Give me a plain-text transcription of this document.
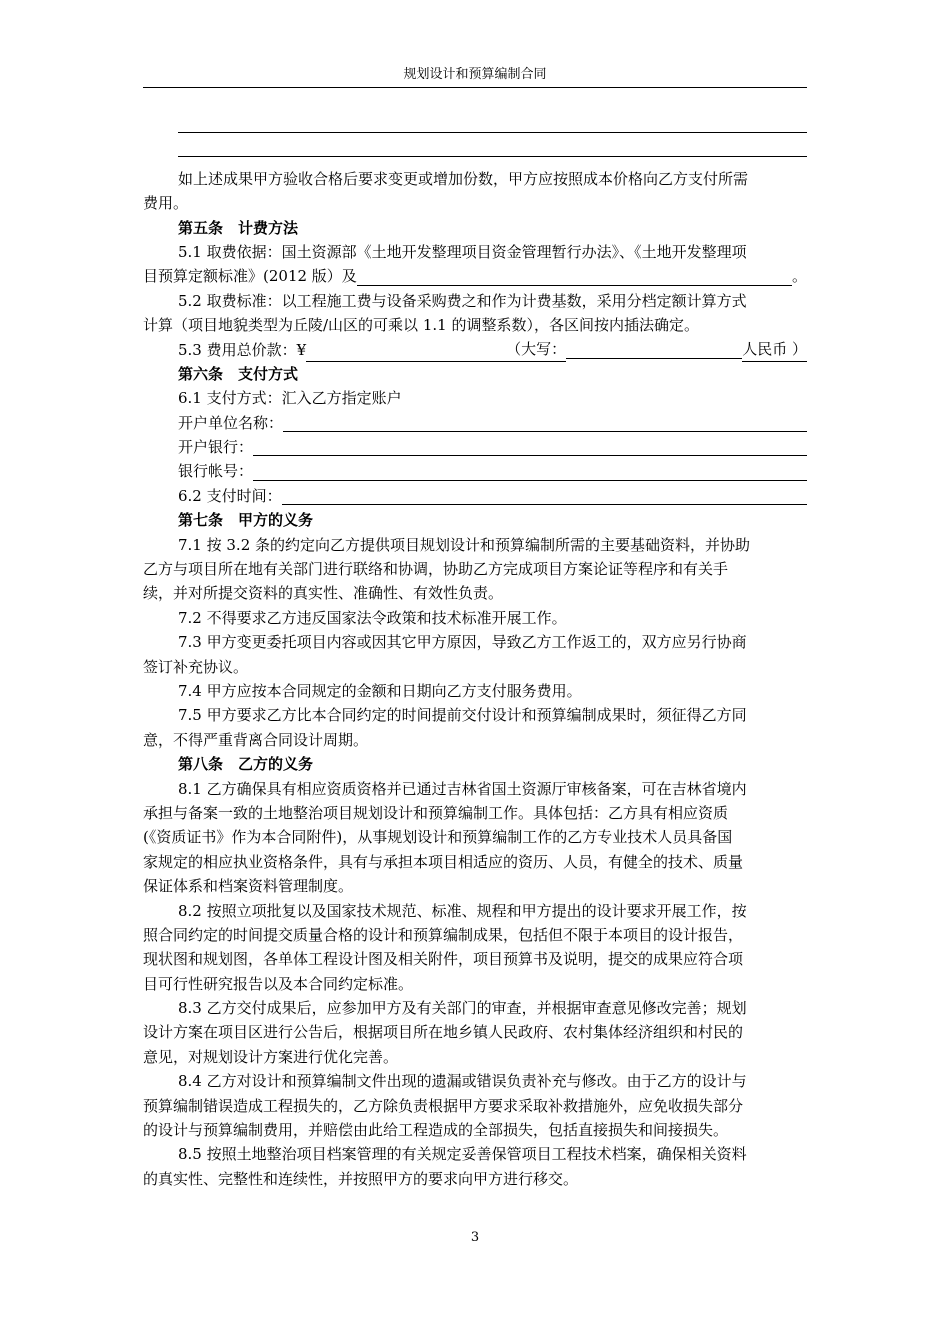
规划设计和预算编制合同
如上述成果甲方验收合格后要求变更或增加份数，甲方应按照成本价格向乙方支付所需
费用。
第五条　计费方法
5.1 取费依据：国土资源部《土地开发整理项目资金管理暂行办法》、《土地开发整理项
目预算定额标准》(2012 版）及	。
5.2 取费标准：以工程施工费与设备采购费之和作为计费基数，采用分档定额计算方式
计算（项目地貌类型为丘陵/山区的可乘以 1.1 的调整系数），各区间按内插法确定。
5.3 费用总价款：¥	（大写：	人民币 ）
第六条　支付方式
6.1 支付方式：汇入乙方指定账户
开户单位名称：
开户银行：
银行帐号：
6.2 支付时间：
第七条　甲方的义务
7.1 按 3.2 条的约定向乙方提供项目规划设计和预算编制所需的主要基础资料，并协助
乙方与项目所在地有关部门进行联络和协调，协助乙方完成项目方案论证等程序和有关手
续，并对所提交资料的真实性、准确性、有效性负责。
7.2 不得要求乙方违反国家法令政策和技术标准开展工作。
7.3 甲方变更委托项目内容或因其它甲方原因，导致乙方工作返工的，双方应另行协商
签订补充协议。
7.4 甲方应按本合同规定的金额和日期向乙方支付服务费用。
7.5 甲方要求乙方比本合同约定的时间提前交付设计和预算编制成果时，须征得乙方同
意，不得严重背离合同设计周期。
第八条　乙方的义务
8.1 乙方确保具有相应资质资格并已通过吉林省国土资源厅审核备案，可在吉林省境内
承担与备案一致的土地整治项目规划设计和预算编制工作。具体包括：乙方具有相应资质
(《资质证书》作为本合同附件)，从事规划设计和预算编制工作的乙方专业技术人员具备国
家规定的相应执业资格条件，具有与承担本项目相适应的资历、人员，有健全的技术、质量
保证体系和档案资料管理制度。
8.2 按照立项批复以及国家技术规范、标准、规程和甲方提出的设计要求开展工作，按
照合同约定的时间提交质量合格的设计和预算编制成果，包括但不限于本项目的设计报告，
现状图和规划图，各单体工程设计图及相关附件，项目预算书及说明，提交的成果应符合项
目可行性研究报告以及本合同约定标准。
8.3 乙方交付成果后，应参加甲方及有关部门的审查，并根据审查意见修改完善；规划
设计方案在项目区进行公告后，根据项目所在地乡镇人民政府、农村集体经济组织和村民的
意见，对规划设计方案进行优化完善。
8.4 乙方对设计和预算编制文件出现的遗漏或错误负责补充与修改。由于乙方的设计与
预算编制错误造成工程损失的，乙方除负责根据甲方要求采取补救措施外，应免收损失部分
的设计与预算编制费用，并赔偿由此给工程造成的全部损失，包括直接损失和间接损失。
8.5 按照土地整治项目档案管理的有关规定妥善保管项目工程技术档案，确保相关资料
的真实性、完整性和连续性，并按照甲方的要求向甲方进行移交。
3
